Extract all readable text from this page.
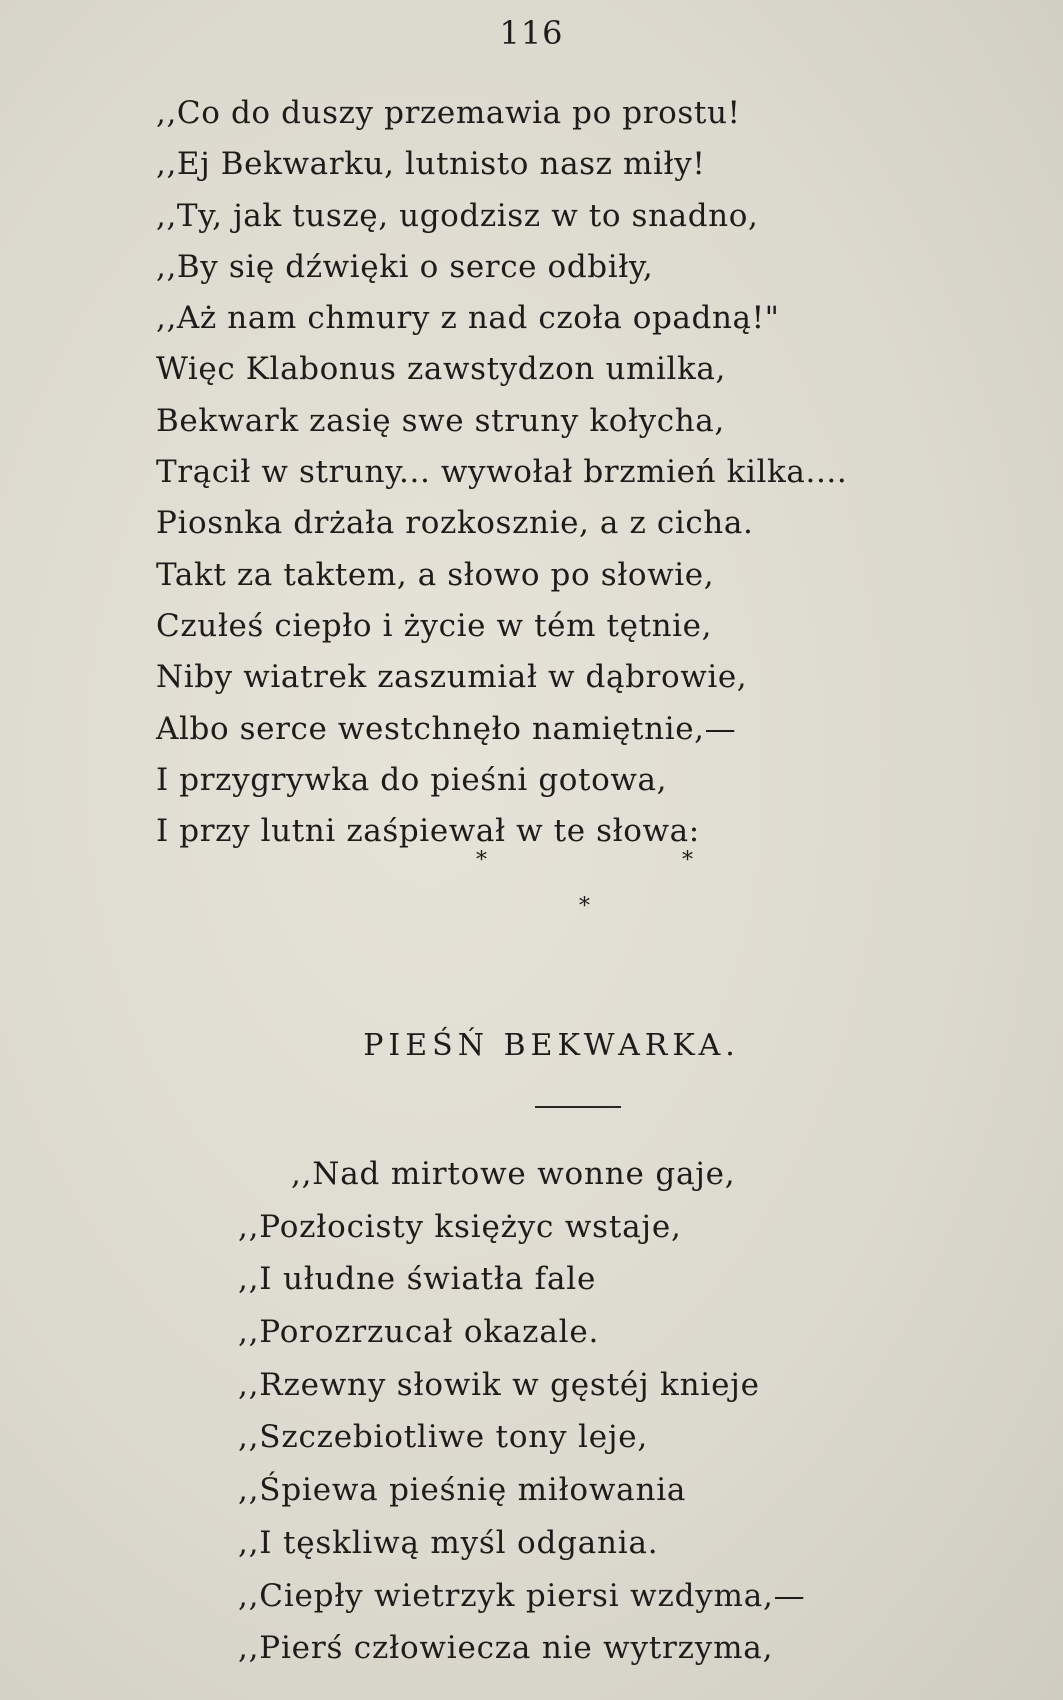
116
,,Co do duszy przemawia po prostu!
,,Ej Bekwarku, lutnisto nasz miły!
,,Ty, jak tuszę, ugodzisz w to snadno,
,,By się dźwięki o serce odbiły,
,,Aż nam chmury z nad czoła opadną!"
Więc Klabonus zawstydzon umilka,
Bekwark zasię swe struny kołycha,
Trącił w struny... wywołał brzmień kilka....
Piosnka drżała rozkosznie, a z cicha.
Takt za taktem, a słowo po słowie,
Czułeś ciepło i życie w tém tętnie,
Niby wiatrek zaszumiał w dąbrowie,
Albo serce westchnęło namiętnie,—
I przygrywka do pieśni gotowa,
I przy lutni zaśpiewał w te słowa:
*	*
*
PIEŚŃ BEKWARKA.
,,Nad mirtowe wonne gaje,
,,Pozłocisty księżyc wstaje,
,,I ułudne światła fale
,,Porozrzucał okazale.
,,Rzewny słowik w gęstéj knieje
,,Szczebiotliwe tony leje,
,,Śpiewa pieśnię miłowania
,,I tęskliwą myśl odgania.
,,Ciepły wietrzyk piersi wzdyma,—
,,Pierś człowiecza nie wytrzyma,
